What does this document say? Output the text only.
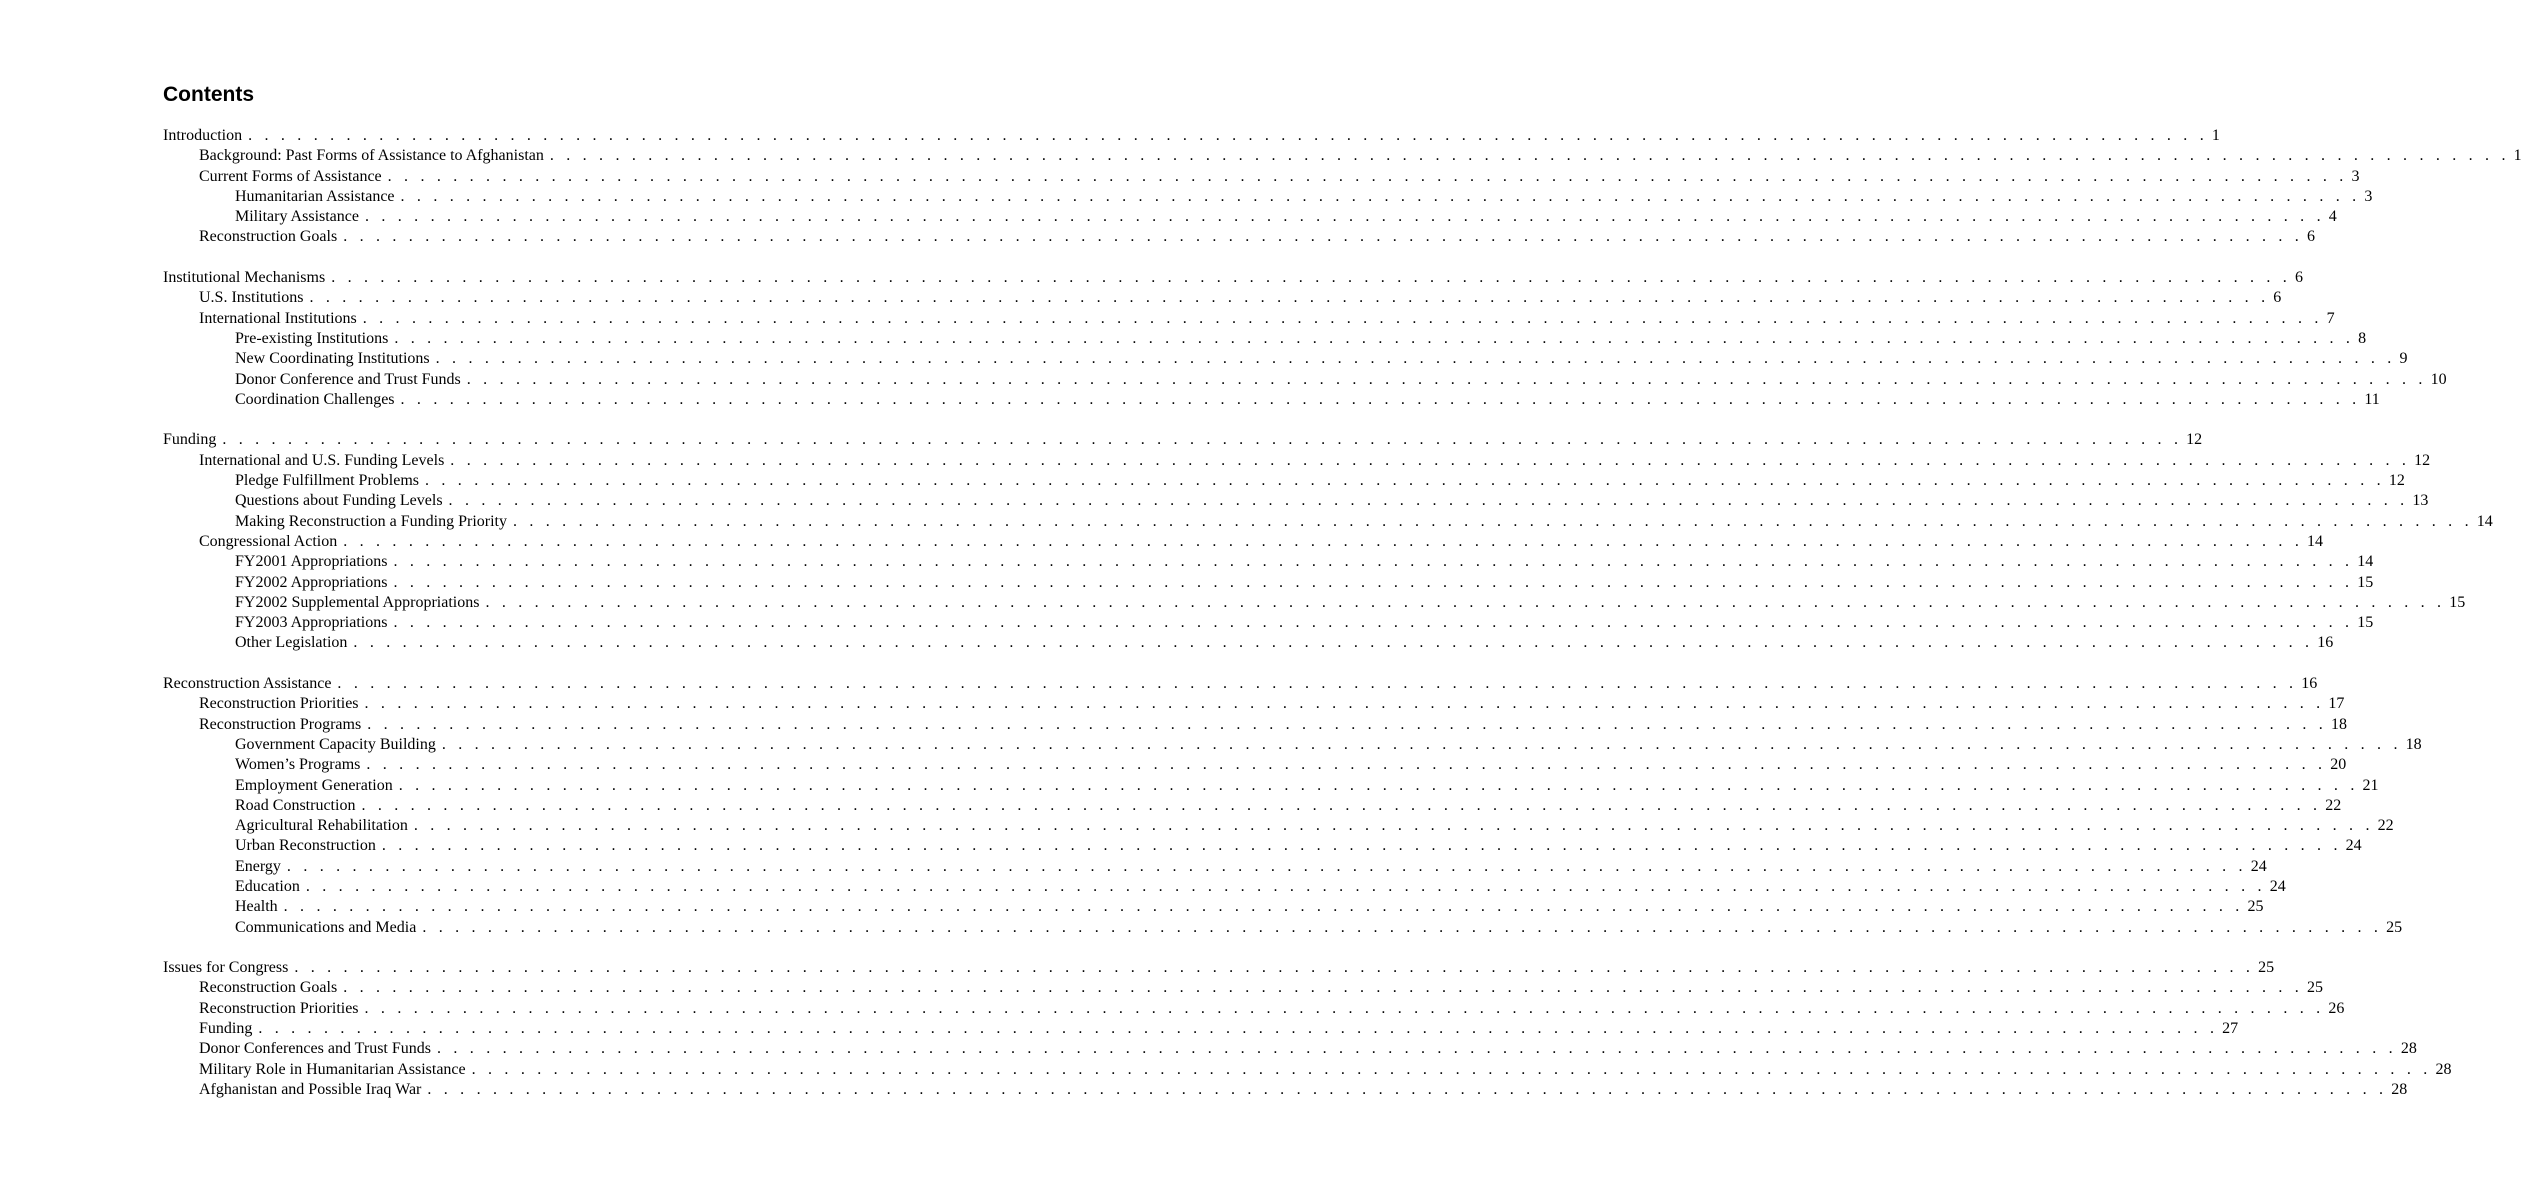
Contents
Introduction . . . . . . . . . . . . . . . . . . . . . . . . . . . . . . . . . . . . . . . . . . . . . . . . . . . . . . . . . . . . . . . . . . . . . . . . . . . . . . . . . . . . . . . . . . . . . . . . . . . . . . . . . . . . . . . . . . . . . . . . 1
Background: Past Forms of Assistance to Afghanistan . . . . . . . . . . . . . . . . . . . . . . . . . . . . . . . . . . . . . . . . . . . . . . . . . . . . . . . . . . . . . . . . . . . . . . . . . . . . . . . . . . . . . . . . . . . . . . . . . . . . . . . . . . . . . . . . . . . . . . . . 1
Current Forms of Assistance . . . . . . . . . . . . . . . . . . . . . . . . . . . . . . . . . . . . . . . . . . . . . . . . . . . . . . . . . . . . . . . . . . . . . . . . . . . . . . . . . . . . . . . . . . . . . . . . . . . . . . . . . . . . . . . . . . . . . . . . 3
Humanitarian Assistance . . . . . . . . . . . . . . . . . . . . . . . . . . . . . . . . . . . . . . . . . . . . . . . . . . . . . . . . . . . . . . . . . . . . . . . . . . . . . . . . . . . . . . . . . . . . . . . . . . . . . . . . . . . . . . . . . . . . . . . . 3
Military Assistance . . . . . . . . . . . . . . . . . . . . . . . . . . . . . . . . . . . . . . . . . . . . . . . . . . . . . . . . . . . . . . . . . . . . . . . . . . . . . . . . . . . . . . . . . . . . . . . . . . . . . . . . . . . . . . . . . . . . . . . . 4
Reconstruction Goals . . . . . . . . . . . . . . . . . . . . . . . . . . . . . . . . . . . . . . . . . . . . . . . . . . . . . . . . . . . . . . . . . . . . . . . . . . . . . . . . . . . . . . . . . . . . . . . . . . . . . . . . . . . . . . . . . . . . . . . . 6
Institutional Mechanisms . . . . . . . . . . . . . . . . . . . . . . . . . . . . . . . . . . . . . . . . . . . . . . . . . . . . . . . . . . . . . . . . . . . . . . . . . . . . . . . . . . . . . . . . . . . . . . . . . . . . . . . . . . . . . . . . . . . . . . . . 6
U.S. Institutions . . . . . . . . . . . . . . . . . . . . . . . . . . . . . . . . . . . . . . . . . . . . . . . . . . . . . . . . . . . . . . . . . . . . . . . . . . . . . . . . . . . . . . . . . . . . . . . . . . . . . . . . . . . . . . . . . . . . . . . . 6
International Institutions . . . . . . . . . . . . . . . . . . . . . . . . . . . . . . . . . . . . . . . . . . . . . . . . . . . . . . . . . . . . . . . . . . . . . . . . . . . . . . . . . . . . . . . . . . . . . . . . . . . . . . . . . . . . . . . . . . . . . . . . 7
Pre-existing Institutions . . . . . . . . . . . . . . . . . . . . . . . . . . . . . . . . . . . . . . . . . . . . . . . . . . . . . . . . . . . . . . . . . . . . . . . . . . . . . . . . . . . . . . . . . . . . . . . . . . . . . . . . . . . . . . . . . . . . . . . . 8
New Coordinating Institutions . . . . . . . . . . . . . . . . . . . . . . . . . . . . . . . . . . . . . . . . . . . . . . . . . . . . . . . . . . . . . . . . . . . . . . . . . . . . . . . . . . . . . . . . . . . . . . . . . . . . . . . . . . . . . . . . . . . . . . . . 9
Donor Conference and Trust Funds . . . . . . . . . . . . . . . . . . . . . . . . . . . . . . . . . . . . . . . . . . . . . . . . . . . . . . . . . . . . . . . . . . . . . . . . . . . . . . . . . . . . . . . . . . . . . . . . . . . . . . . . . . . . . . . . . . . . . . . . 10
Coordination Challenges . . . . . . . . . . . . . . . . . . . . . . . . . . . . . . . . . . . . . . . . . . . . . . . . . . . . . . . . . . . . . . . . . . . . . . . . . . . . . . . . . . . . . . . . . . . . . . . . . . . . . . . . . . . . . . . . . . . . . . . . 11
Funding . . . . . . . . . . . . . . . . . . . . . . . . . . . . . . . . . . . . . . . . . . . . . . . . . . . . . . . . . . . . . . . . . . . . . . . . . . . . . . . . . . . . . . . . . . . . . . . . . . . . . . . . . . . . . . . . . . . . . . . . 12
International and U.S. Funding Levels . . . . . . . . . . . . . . . . . . . . . . . . . . . . . . . . . . . . . . . . . . . . . . . . . . . . . . . . . . . . . . . . . . . . . . . . . . . . . . . . . . . . . . . . . . . . . . . . . . . . . . . . . . . . . . . . . . . . . . . . 12
Pledge Fulfillment Problems . . . . . . . . . . . . . . . . . . . . . . . . . . . . . . . . . . . . . . . . . . . . . . . . . . . . . . . . . . . . . . . . . . . . . . . . . . . . . . . . . . . . . . . . . . . . . . . . . . . . . . . . . . . . . . . . . . . . . . . . 12
Questions about Funding Levels . . . . . . . . . . . . . . . . . . . . . . . . . . . . . . . . . . . . . . . . . . . . . . . . . . . . . . . . . . . . . . . . . . . . . . . . . . . . . . . . . . . . . . . . . . . . . . . . . . . . . . . . . . . . . . . . . . . . . . . . 13
Making Reconstruction a Funding Priority . . . . . . . . . . . . . . . . . . . . . . . . . . . . . . . . . . . . . . . . . . . . . . . . . . . . . . . . . . . . . . . . . . . . . . . . . . . . . . . . . . . . . . . . . . . . . . . . . . . . . . . . . . . . . . . . . . . . . . . . 14
Congressional Action . . . . . . . . . . . . . . . . . . . . . . . . . . . . . . . . . . . . . . . . . . . . . . . . . . . . . . . . . . . . . . . . . . . . . . . . . . . . . . . . . . . . . . . . . . . . . . . . . . . . . . . . . . . . . . . . . . . . . . . . 14
FY2001 Appropriations . . . . . . . . . . . . . . . . . . . . . . . . . . . . . . . . . . . . . . . . . . . . . . . . . . . . . . . . . . . . . . . . . . . . . . . . . . . . . . . . . . . . . . . . . . . . . . . . . . . . . . . . . . . . . . . . . . . . . . . . 14
FY2002 Appropriations . . . . . . . . . . . . . . . . . . . . . . . . . . . . . . . . . . . . . . . . . . . . . . . . . . . . . . . . . . . . . . . . . . . . . . . . . . . . . . . . . . . . . . . . . . . . . . . . . . . . . . . . . . . . . . . . . . . . . . . . 15
FY2002 Supplemental Appropriations . . . . . . . . . . . . . . . . . . . . . . . . . . . . . . . . . . . . . . . . . . . . . . . . . . . . . . . . . . . . . . . . . . . . . . . . . . . . . . . . . . . . . . . . . . . . . . . . . . . . . . . . . . . . . . . . . . . . . . . . 15
FY2003 Appropriations . . . . . . . . . . . . . . . . . . . . . . . . . . . . . . . . . . . . . . . . . . . . . . . . . . . . . . . . . . . . . . . . . . . . . . . . . . . . . . . . . . . . . . . . . . . . . . . . . . . . . . . . . . . . . . . . . . . . . . . . 15
Other Legislation . . . . . . . . . . . . . . . . . . . . . . . . . . . . . . . . . . . . . . . . . . . . . . . . . . . . . . . . . . . . . . . . . . . . . . . . . . . . . . . . . . . . . . . . . . . . . . . . . . . . . . . . . . . . . . . . . . . . . . . . 16
Reconstruction Assistance . . . . . . . . . . . . . . . . . . . . . . . . . . . . . . . . . . . . . . . . . . . . . . . . . . . . . . . . . . . . . . . . . . . . . . . . . . . . . . . . . . . . . . . . . . . . . . . . . . . . . . . . . . . . . . . . . . . . . . . . 16
Reconstruction Priorities . . . . . . . . . . . . . . . . . . . . . . . . . . . . . . . . . . . . . . . . . . . . . . . . . . . . . . . . . . . . . . . . . . . . . . . . . . . . . . . . . . . . . . . . . . . . . . . . . . . . . . . . . . . . . . . . . . . . . . . . 17
Reconstruction Programs . . . . . . . . . . . . . . . . . . . . . . . . . . . . . . . . . . . . . . . . . . . . . . . . . . . . . . . . . . . . . . . . . . . . . . . . . . . . . . . . . . . . . . . . . . . . . . . . . . . . . . . . . . . . . . . . . . . . . . . . 18
Government Capacity Building . . . . . . . . . . . . . . . . . . . . . . . . . . . . . . . . . . . . . . . . . . . . . . . . . . . . . . . . . . . . . . . . . . . . . . . . . . . . . . . . . . . . . . . . . . . . . . . . . . . . . . . . . . . . . . . . . . . . . . . . 18
Women’s Programs . . . . . . . . . . . . . . . . . . . . . . . . . . . . . . . . . . . . . . . . . . . . . . . . . . . . . . . . . . . . . . . . . . . . . . . . . . . . . . . . . . . . . . . . . . . . . . . . . . . . . . . . . . . . . . . . . . . . . . . . 20
Employment Generation . . . . . . . . . . . . . . . . . . . . . . . . . . . . . . . . . . . . . . . . . . . . . . . . . . . . . . . . . . . . . . . . . . . . . . . . . . . . . . . . . . . . . . . . . . . . . . . . . . . . . . . . . . . . . . . . . . . . . . . . 21
Road Construction . . . . . . . . . . . . . . . . . . . . . . . . . . . . . . . . . . . . . . . . . . . . . . . . . . . . . . . . . . . . . . . . . . . . . . . . . . . . . . . . . . . . . . . . . . . . . . . . . . . . . . . . . . . . . . . . . . . . . . . . 22
Agricultural Rehabilitation . . . . . . . . . . . . . . . . . . . . . . . . . . . . . . . . . . . . . . . . . . . . . . . . . . . . . . . . . . . . . . . . . . . . . . . . . . . . . . . . . . . . . . . . . . . . . . . . . . . . . . . . . . . . . . . . . . . . . . . . 22
Urban Reconstruction . . . . . . . . . . . . . . . . . . . . . . . . . . . . . . . . . . . . . . . . . . . . . . . . . . . . . . . . . . . . . . . . . . . . . . . . . . . . . . . . . . . . . . . . . . . . . . . . . . . . . . . . . . . . . . . . . . . . . . . . 24
Energy . . . . . . . . . . . . . . . . . . . . . . . . . . . . . . . . . . . . . . . . . . . . . . . . . . . . . . . . . . . . . . . . . . . . . . . . . . . . . . . . . . . . . . . . . . . . . . . . . . . . . . . . . . . . . . . . . . . . . . . . 24
Education . . . . . . . . . . . . . . . . . . . . . . . . . . . . . . . . . . . . . . . . . . . . . . . . . . . . . . . . . . . . . . . . . . . . . . . . . . . . . . . . . . . . . . . . . . . . . . . . . . . . . . . . . . . . . . . . . . . . . . . . 24
Health . . . . . . . . . . . . . . . . . . . . . . . . . . . . . . . . . . . . . . . . . . . . . . . . . . . . . . . . . . . . . . . . . . . . . . . . . . . . . . . . . . . . . . . . . . . . . . . . . . . . . . . . . . . . . . . . . . . . . . . . 25
Communications and Media . . . . . . . . . . . . . . . . . . . . . . . . . . . . . . . . . . . . . . . . . . . . . . . . . . . . . . . . . . . . . . . . . . . . . . . . . . . . . . . . . . . . . . . . . . . . . . . . . . . . . . . . . . . . . . . . . . . . . . . . 25
Issues for Congress . . . . . . . . . . . . . . . . . . . . . . . . . . . . . . . . . . . . . . . . . . . . . . . . . . . . . . . . . . . . . . . . . . . . . . . . . . . . . . . . . . . . . . . . . . . . . . . . . . . . . . . . . . . . . . . . . . . . . . . . 25
Reconstruction Goals . . . . . . . . . . . . . . . . . . . . . . . . . . . . . . . . . . . . . . . . . . . . . . . . . . . . . . . . . . . . . . . . . . . . . . . . . . . . . . . . . . . . . . . . . . . . . . . . . . . . . . . . . . . . . . . . . . . . . . . . 25
Reconstruction Priorities . . . . . . . . . . . . . . . . . . . . . . . . . . . . . . . . . . . . . . . . . . . . . . . . . . . . . . . . . . . . . . . . . . . . . . . . . . . . . . . . . . . . . . . . . . . . . . . . . . . . . . . . . . . . . . . . . . . . . . . . 26
Funding . . . . . . . . . . . . . . . . . . . . . . . . . . . . . . . . . . . . . . . . . . . . . . . . . . . . . . . . . . . . . . . . . . . . . . . . . . . . . . . . . . . . . . . . . . . . . . . . . . . . . . . . . . . . . . . . . . . . . . . . 27
Donor Conferences and Trust Funds . . . . . . . . . . . . . . . . . . . . . . . . . . . . . . . . . . . . . . . . . . . . . . . . . . . . . . . . . . . . . . . . . . . . . . . . . . . . . . . . . . . . . . . . . . . . . . . . . . . . . . . . . . . . . . . . . . . . . . . . 28
Military Role in Humanitarian Assistance . . . . . . . . . . . . . . . . . . . . . . . . . . . . . . . . . . . . . . . . . . . . . . . . . . . . . . . . . . . . . . . . . . . . . . . . . . . . . . . . . . . . . . . . . . . . . . . . . . . . . . . . . . . . . . . . . . . . . . . . 28
Afghanistan and Possible Iraq War . . . . . . . . . . . . . . . . . . . . . . . . . . . . . . . . . . . . . . . . . . . . . . . . . . . . . . . . . . . . . . . . . . . . . . . . . . . . . . . . . . . . . . . . . . . . . . . . . . . . . . . . . . . . . . . . . . . . . . . . 28
